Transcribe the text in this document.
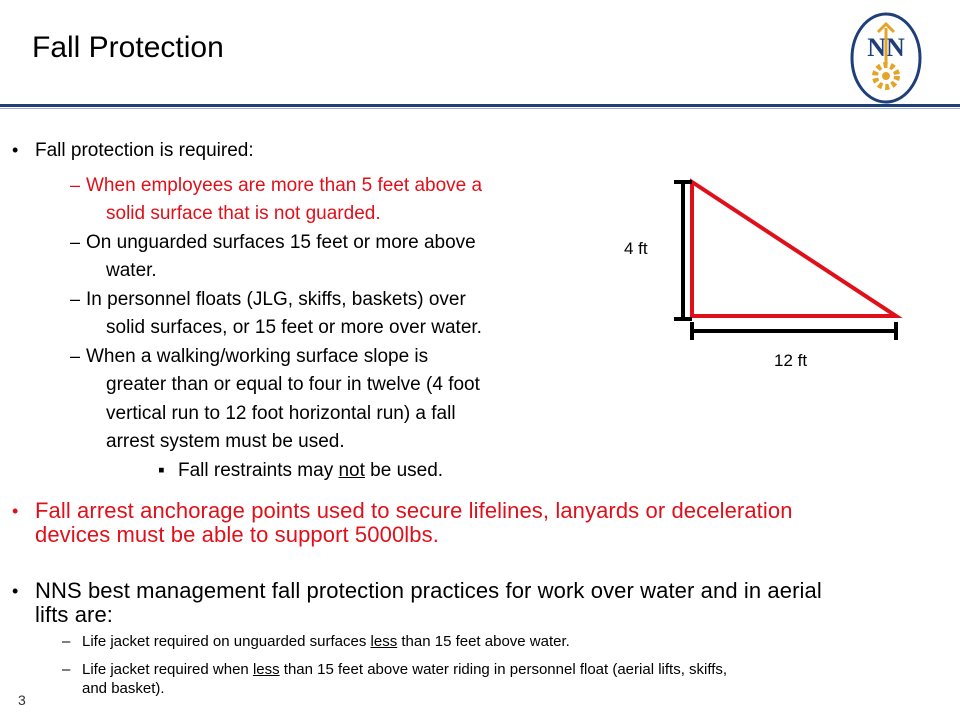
Fall Protection	NN
• Fall protection is required:
– When employees are more than 5 feet above a
solid surface that is not guarded.
– On unguarded surfaces 15 feet or more above
water.
– In personnel floats (JLG, skiffs, baskets) over
solid surfaces, or 15 feet or more over water.
– When a walking/working surface slope is
greater than or equal to four in twelve (4 foot
vertical run to 12 foot horizontal run) a fall
arrest system must be used.
▪ Fall restraints may not be used.
• Fall arrest anchorage points used to secure lifelines, lanyards or deceleration
devices must be able to support 5000lbs.
• NNS best management fall protection practices for work over water and in aerial
lifts are:
– Life jacket required on unguarded surfaces less than 15 feet above water.
– Life jacket required when less than 15 feet above water riding in personnel float (aerial lifts, skiffs,
and basket).
3
4 ft
12 ft
